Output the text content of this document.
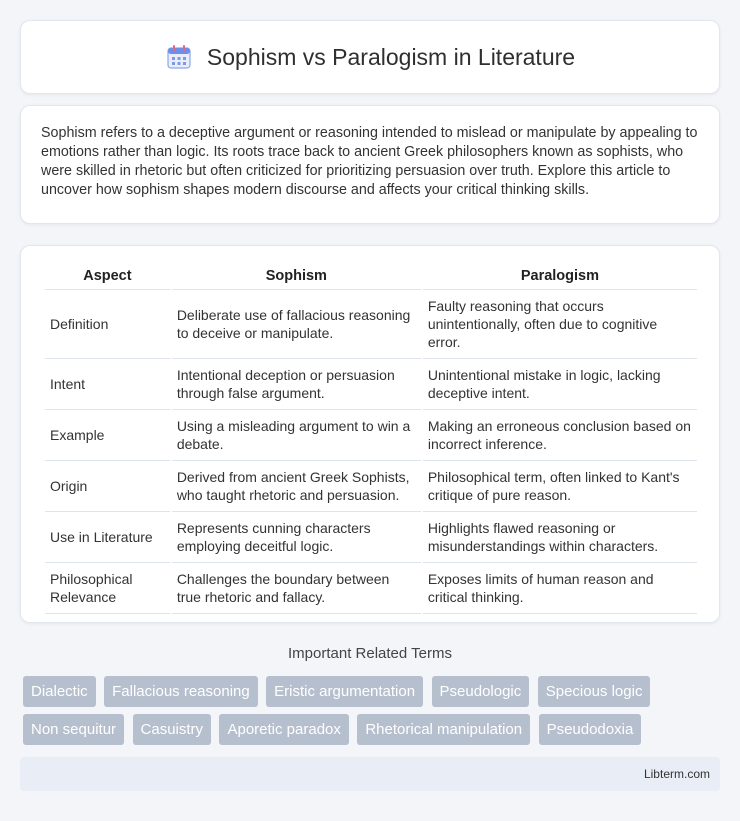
Sophism vs Paralogism in Literature

Sophism refers to a deceptive argument or reasoning intended to mislead or manipulate by appealing to emotions rather than logic. Its roots trace back to ancient Greek philosophers known as sophists, who were skilled in rhetoric but often criticized for prioritizing persuasion over truth. Explore this article to uncover how sophism shapes modern discourse and affects your critical thinking skills.

Aspect	Sophism	Paralogism
Definition	Deliberate use of fallacious reasoning to deceive or manipulate.	Faulty reasoning that occurs unintentionally, often due to cognitive error.
Intent	Intentional deception or persuasion through false argument.	Unintentional mistake in logic, lacking deceptive intent.
Example	Using a misleading argument to win a debate.	Making an erroneous conclusion based on incorrect inference.
Origin	Derived from ancient Greek Sophists, who taught rhetoric and persuasion.	Philosophical term, often linked to Kant's critique of pure reason.
Use in Literature	Represents cunning characters employing deceitful logic.	Highlights flawed reasoning or misunderstandings within characters.
Philosophical Relevance	Challenges the boundary between true rhetoric and fallacy.	Exposes limits of human reason and critical thinking.
Important Related Terms
Dialectic Fallacious reasoning Eristic argumentation Pseudologic Specious logic Non sequitur Casuistry Aporetic paradox Rhetorical manipulation Pseudodoxia
Libterm.com
